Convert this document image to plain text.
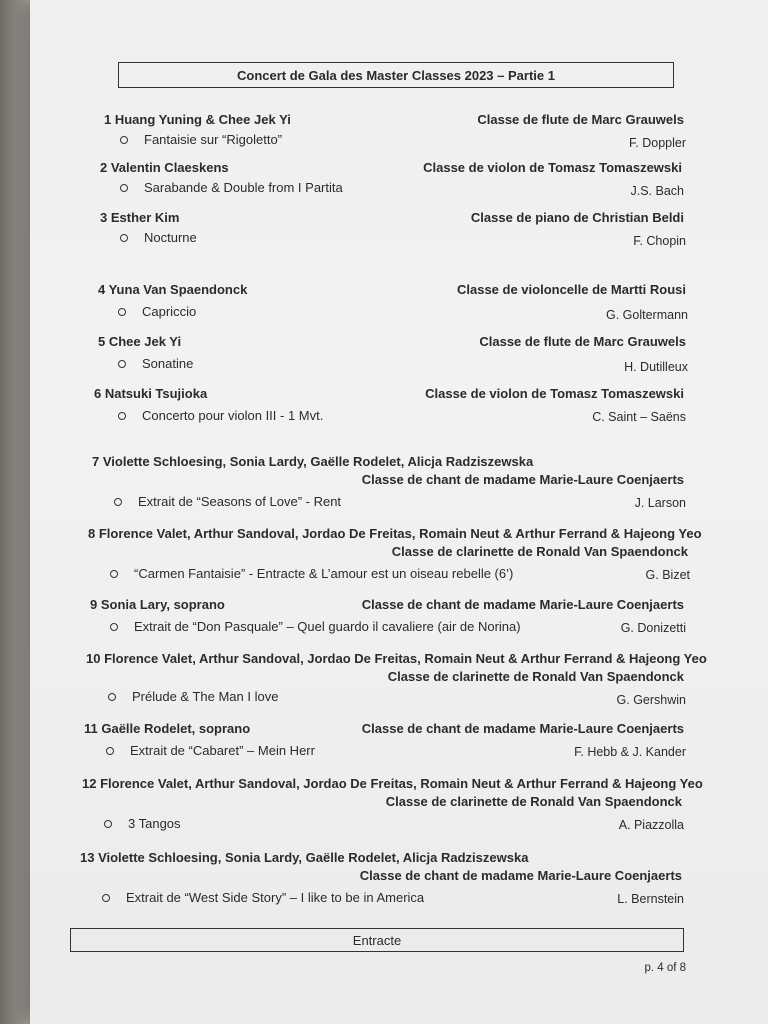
Concert de Gala des Master Classes 2023 – Partie 1
1 Huang Yuning & Chee Jek Yi	Classe de flute de Marc Grauwels
Fantaisie sur “Rigoletto”	F. Doppler
2 Valentin Claeskens	Classe de violon de Tomasz Tomaszewski
Sarabande & Double from I Partita	J.S. Bach
3 Esther Kim	Classe de piano de Christian Beldi
Nocturne	F. Chopin
4 Yuna Van Spaendonck	Classe de violoncelle de Martti Rousi
Capriccio	G. Goltermann
5 Chee Jek Yi	Classe de flute de Marc Grauwels
Sonatine	H. Dutilleux
6 Natsuki Tsujioka	Classe de violon de Tomasz Tomaszewski
Concerto pour violon III - 1 Mvt.	C. Saint – Saëns
7 Violette Schloesing, Sonia Lardy, Gaëlle Rodelet, Alicja Radziszewska
Classe de chant de madame Marie-Laure Coenjaerts
Extrait de “Seasons of Love” - Rent	J. Larson
8 Florence Valet, Arthur Sandoval, Jordao De Freitas, Romain Neut & Arthur Ferrand & Hajeong Yeo
Classe de clarinette de Ronald Van Spaendonck
“Carmen Fantaisie” - Entracte & L’amour est un oiseau rebelle (6’)	G. Bizet
9 Sonia Lary, soprano	Classe de chant de madame Marie-Laure Coenjaerts
Extrait de “Don Pasquale” – Quel guardo il cavaliere (air de Norina)	G. Donizetti
10 Florence Valet, Arthur Sandoval, Jordao De Freitas, Romain Neut & Arthur Ferrand & Hajeong Yeo
Classe de clarinette de Ronald Van Spaendonck
Prélude & The Man I love	G. Gershwin
11 Gaëlle Rodelet, soprano	Classe de chant de madame Marie-Laure Coenjaerts
Extrait de “Cabaret” – Mein Herr	F. Hebb & J. Kander
12 Florence Valet, Arthur Sandoval, Jordao De Freitas, Romain Neut & Arthur Ferrand & Hajeong Yeo
Classe de clarinette de Ronald Van Spaendonck
3 Tangos	A. Piazzolla
13 Violette Schloesing, Sonia Lardy, Gaëlle Rodelet, Alicja Radziszewska
Classe de chant de madame Marie-Laure Coenjaerts
Extrait de “West Side Story” – I like to be in America	L. Bernstein
Entracte
p. 4 of 8
